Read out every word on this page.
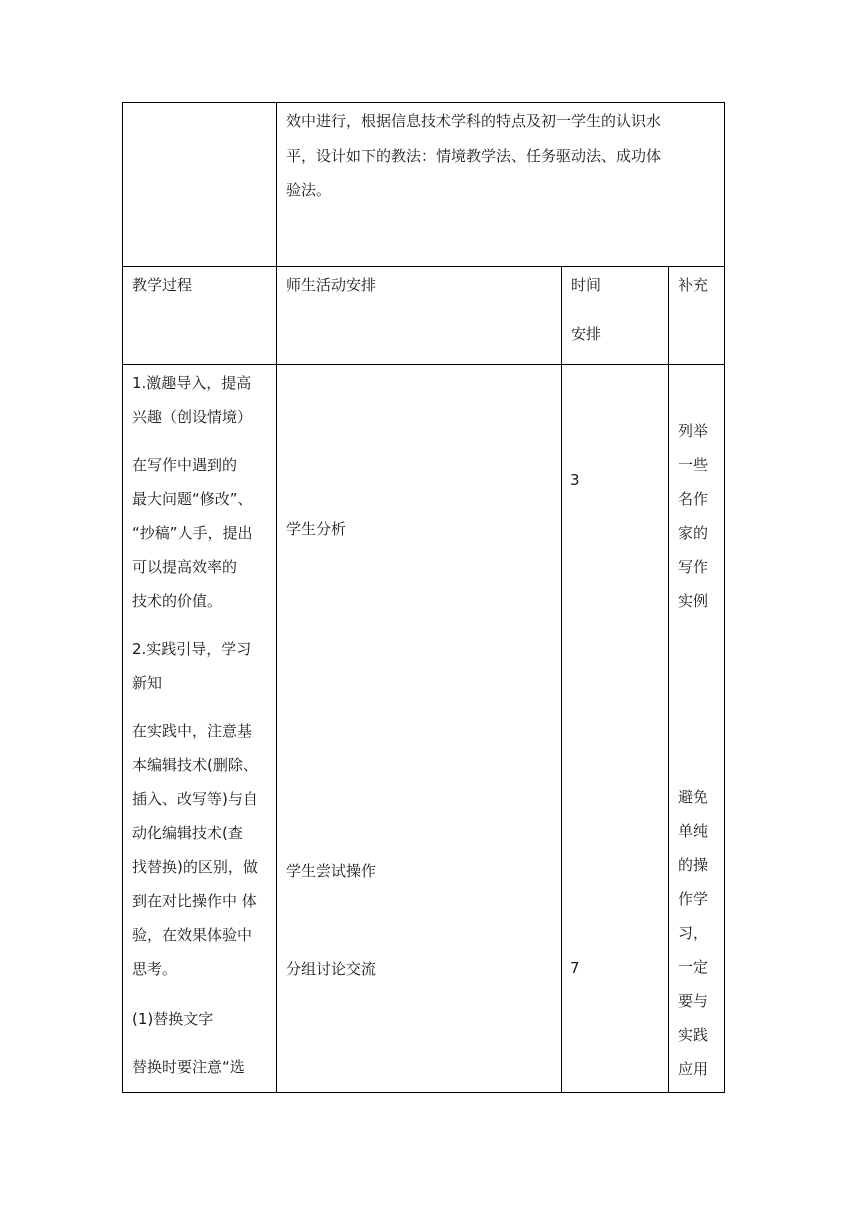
效中进行，根据信息技术学科的特点及初一学生的认识水
平，设计如下的教法：情境教学法、任务驱动法、成功体
验法。
教学过程	师生活动安排	时间
安排
补充
1.激趣导入，提高
兴趣（创设情境）
在写作中遇到的
最大问题“修改”、
“抄稿”人手，提出
可以提高效率的
技术的价值。
2.实践引导，学习
新知
在实践中，注意基
本编辑技术(删除、
插入、改写等)与自
动化编辑技术(查
找替换)的区别，做
到在对比操作中 体
验，在效果体验中
思考。
(1)替换文字
替换时要注意“选
学生分析
学生尝试操作
分组讨论交流
3
7
列举
一些
名作
家的
写作
实例
避免
单纯
的操
作学
习，
一定
要与
实践
应用
